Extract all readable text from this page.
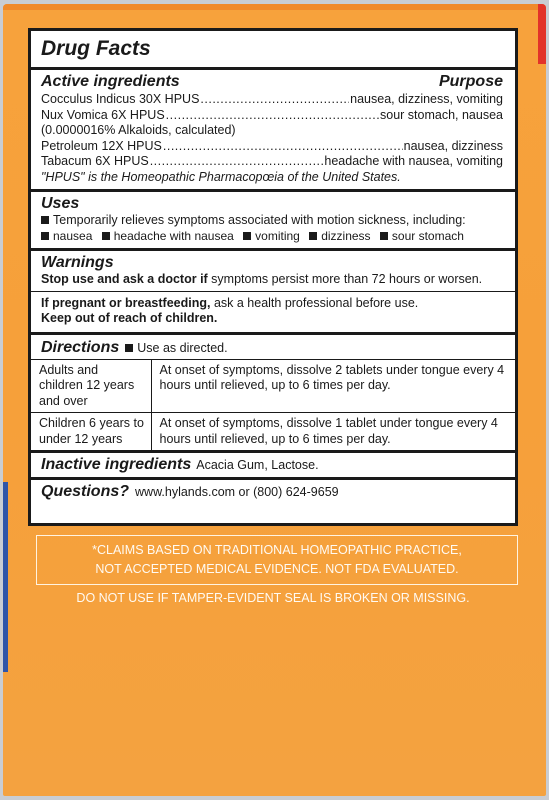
Drug Facts
Active ingredients	Purpose
Cocculus Indicus 30X HPUS .....	nausea, dizziness, vomiting
Nux Vomica 6X HPUS .....	sour stomach, nausea
(0.0000016% Alkaloids, calculated)
Petroleum 12X HPUS .....	nausea, dizziness
Tabacum 6X HPUS .....	headache with nausea, vomiting
"HPUS" is the Homeopathic Pharmacopœia of the United States.
Uses
Temporarily relieves symptoms associated with motion sickness, including:
nausea headache with nausea vomiting dizziness sour stomach
Warnings
Stop use and ask a doctor if symptoms persist more than 72 hours or worsen.
If pregnant or breastfeeding, ask a health professional before use.
Keep out of reach of children.
Directions	Use as directed.
Adults and children 12 years and over	At onset of symptoms, dissolve 2 tablets under tongue every 4 hours until relieved, up to 6 times per day.
Children 6 years to under 12 years	At onset of symptoms, dissolve 1 tablet under tongue every 4 hours until relieved, up to 6 times per day.
Inactive ingredients Acacia Gum, Lactose.
Questions? www.hylands.com or (800) 624-9659
*CLAIMS BASED ON TRADITIONAL HOMEOPATHIC PRACTICE,
NOT ACCEPTED MEDICAL EVIDENCE. NOT FDA EVALUATED.
DO NOT USE IF TAMPER-EVIDENT SEAL IS BROKEN OR MISSING.
